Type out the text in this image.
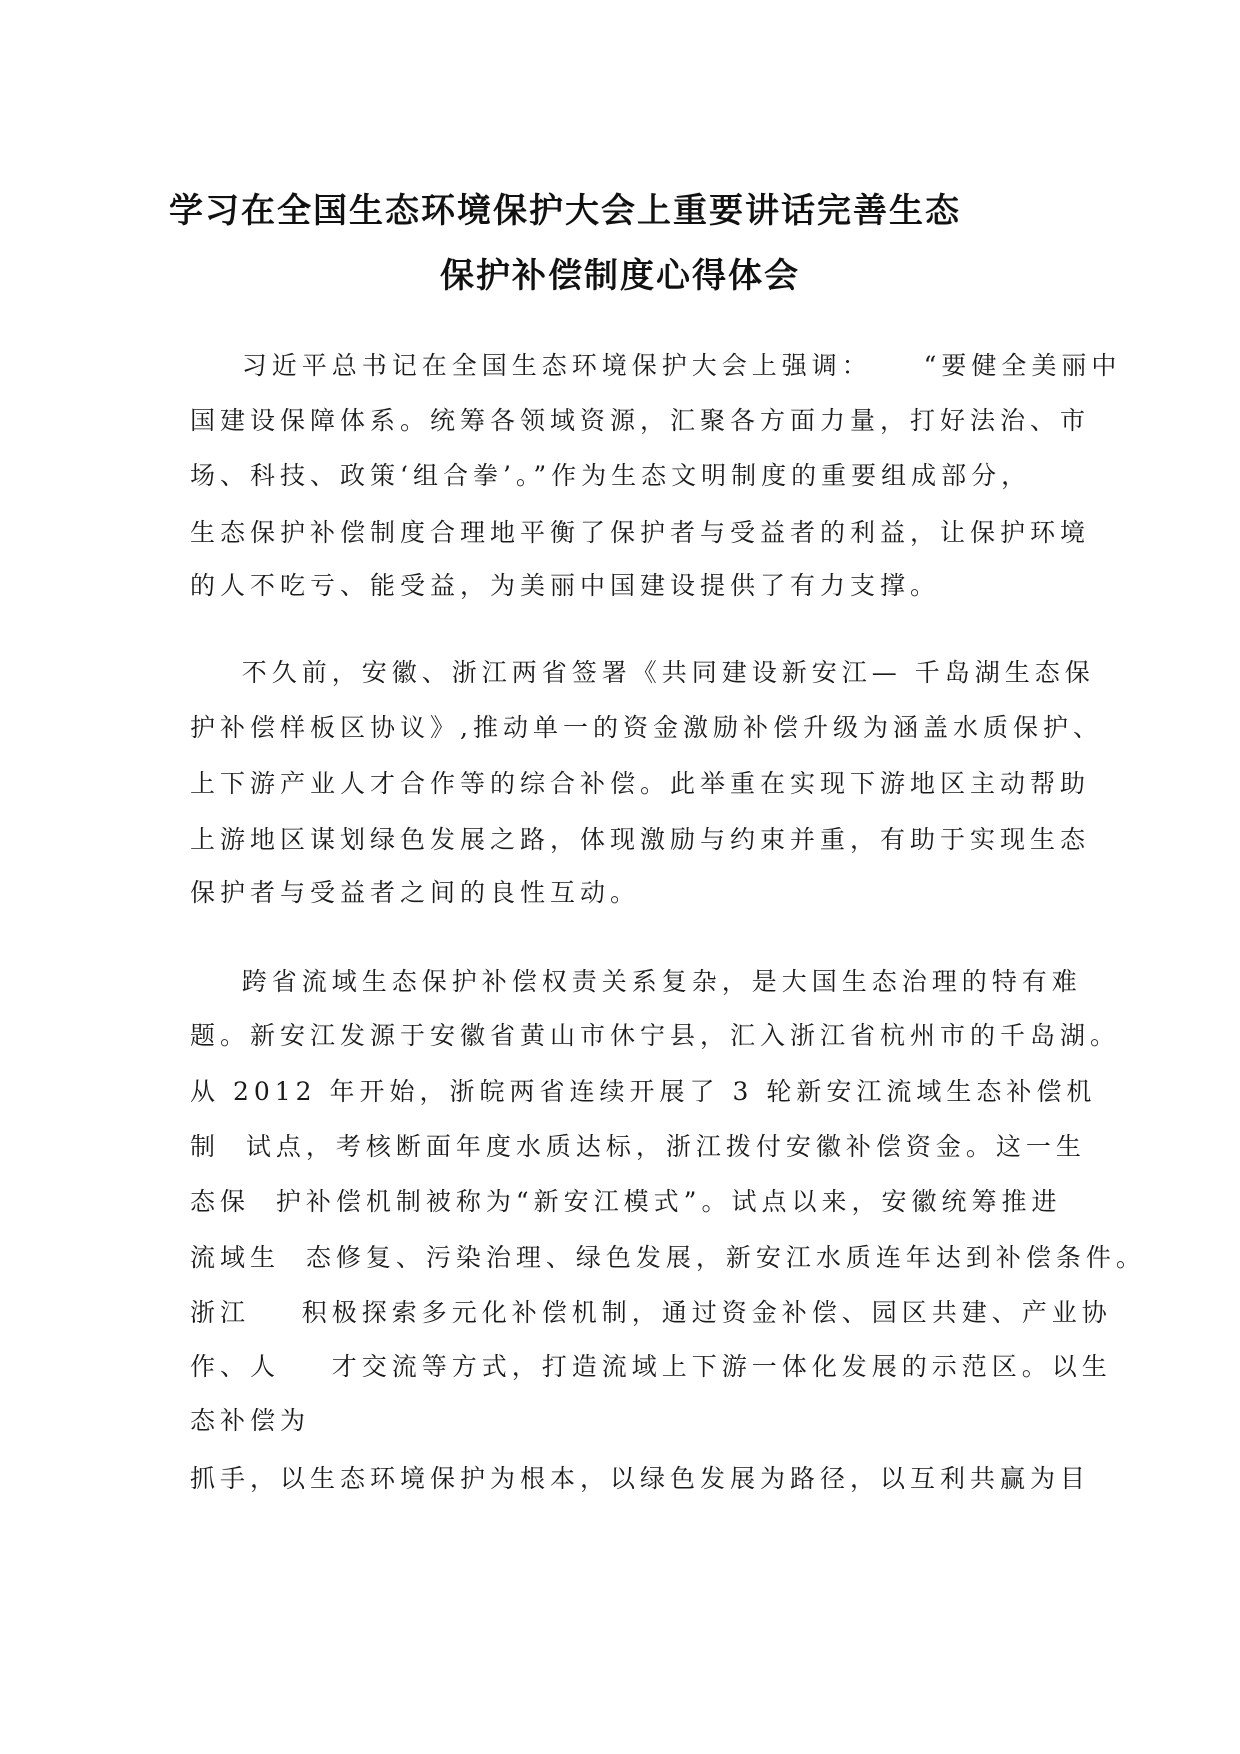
学习在全国生态环境保护大会上重要讲话完善生态
保护补偿制度心得体会
习近平总书记在全国生态环境保护大会上强调：    “要健全美丽中
国建设保障体系。统筹各领域资源，汇聚各方面力量，打好法治、市
场、科技、政策‘组合拳’。”作为生态文明制度的重要组成部分，
生态保护补偿制度合理地平衡了保护者与受益者的利益，让保护环境
的人不吃亏、能受益，为美丽中国建设提供了有力支撑。
不久前，安徽、浙江两省签署《共同建设新安江— 千岛湖生态保
护补偿样板区协议》,推动单一的资金激励补偿升级为涵盖水质保护、
上下游产业人才合作等的综合补偿。此举重在实现下游地区主动帮助
上游地区谋划绿色发展之路，体现激励与约束并重，有助于实现生态
保护者与受益者之间的良性互动。
跨省流域生态保护补偿权责关系复杂，是大国生态治理的特有难
题。新安江发源于安徽省黄山市休宁县，汇入浙江省杭州市的千岛湖。
从 2012 年开始，浙皖两省连续开展了 3 轮新安江流域生态补偿机
制  试点，考核断面年度水质达标，浙江拨付安徽补偿资金。这一生
态保  护补偿机制被称为“新安江模式”。试点以来，安徽统筹推进
流域生  态修复、污染治理、绿色发展，新安江水质连年达到补偿条件。
浙江    积极探索多元化补偿机制，通过资金补偿、园区共建、产业协
作、人    才交流等方式，打造流域上下游一体化发展的示范区。以生
态补偿为
抓手，以生态环境保护为根本，以绿色发展为路径，以互利共赢为目
